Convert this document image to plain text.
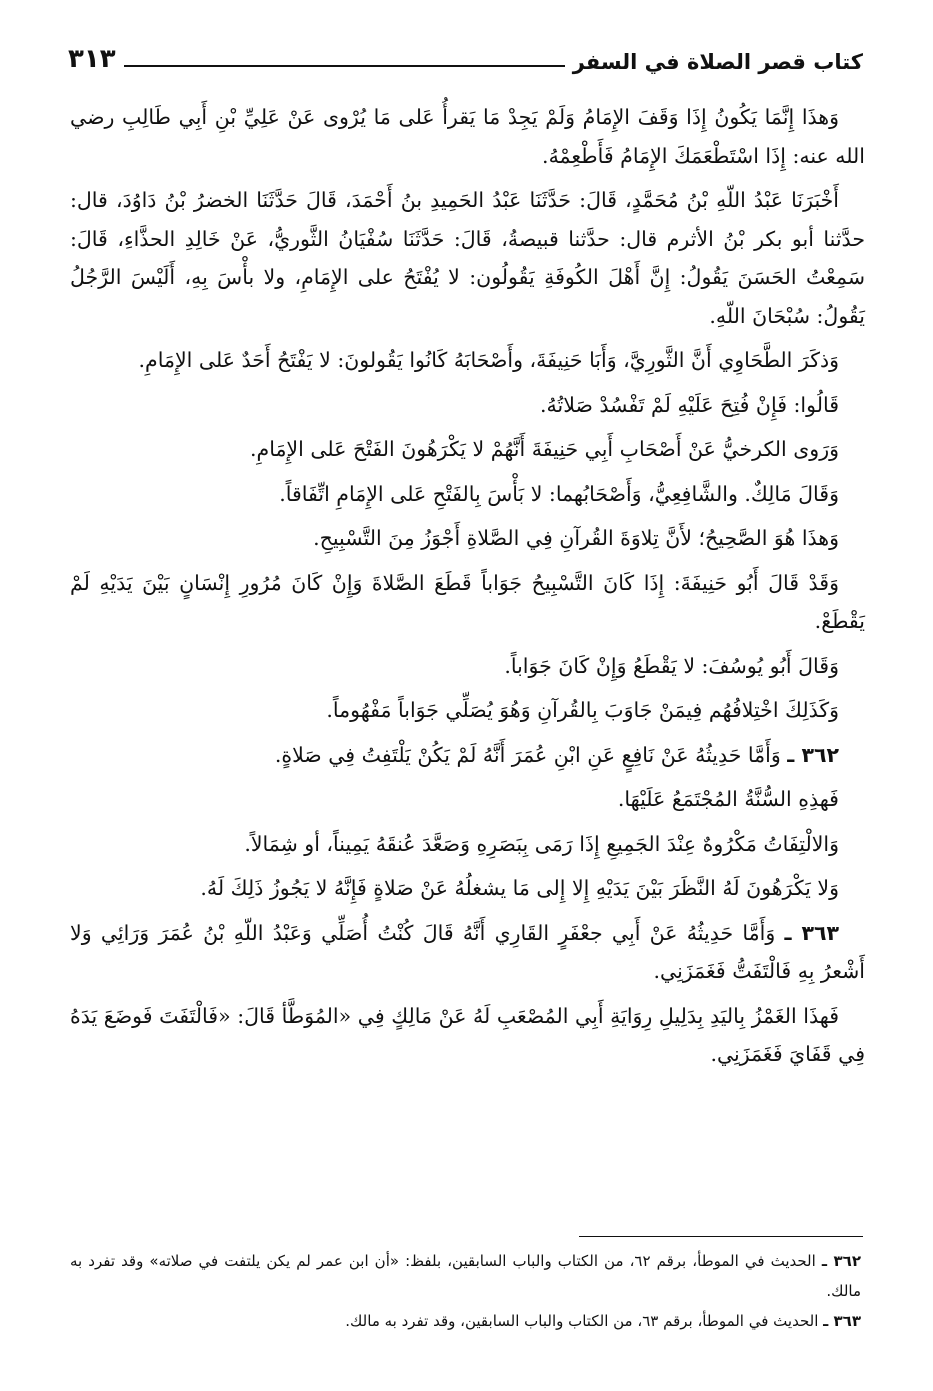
كتاب قصر الصلاة في السفر
٣١٣

وَهذَا إِنَّمَا يَكُونُ إِذَا وَقَفَ الإِمَامُ وَلَمْ يَجِدْ مَا يَقرأُ عَلى مَا يُرْوى عَنْ عَلِيِّ بْنِ أَبِي طَالِبِ رضي الله عنه: إِذَا اسْتَطْعَمَكَ الإِمَامُ فَأَطْعِمْهُ.

أَخْبَرَنَا عَبْدُ اللّهِ بْنُ مُحَمَّدٍ، قَالَ: حَدَّثَنَا عَبْدُ الحَمِيدِ بنُ أَحْمَدَ، قَالَ حَدَّثَنَا الخضرُ بْنُ دَاوُدَ، قال: حدَّثنا أبو بكر بْنُ الأثرم قال: حدَّثنا قبيصةُ، قَالَ: حَدَّثَنَا سُفْيَانُ الثَّوريُّ، عَنْ خَالِدِ الحذَّاءِ، قَالَ: سَمِعْتُ الحَسَنَ يَقُولُ: إِنَّ أَهْلَ الكُوفَةِ يَقُولُون: لا يُفْتَحُ على الإِمَامِ، ولا بأْسَ بِهِ، أَلَيْسَ الرَّجُلُ يَقُولُ: سُبْحَانَ اللّهِ.

وَذكَرَ الطَّحَاوِي أَنَّ الثَّورِيَّ، وَأَبَا حَنِيفَةَ، وأَصْحَابَهُ كَانُوا يَقُولونَ: لا يَفْتَحُ أَحَدٌ عَلى الإِمَامِ.

قَالُوا: فَإِنْ فُتِحَ عَلَيْهِ لَمْ تَفْسُدْ صَلاتُهُ.

وَرَوى الكرخيُّ عَنْ أَصْحَابِ أَبِي حَنِيفَةَ أَنَّهُمْ لا يَكْرَهُونَ الفَتْحَ عَلى الإِمَامِ.

وَقَالَ مَالِكٌ. والشَّافِعِيُّ، وَأَصْحَابُهما: لا بَأْسَ بِالفَتْحِ عَلى الإِمَامِ اتِّفَاقاً.

وَهذَا هُوَ الصَّحِيحُ؛ لأَنَّ تِلاوَةَ القُرآنِ فِي الصَّلاةِ أَجْوَزُ مِنَ التَّسْبِيحِ.

وَقَدْ قَالَ أَبُو حَنِيفَةَ: إِذَا كَانَ التَّسْبِيحُ جَوَاباً قَطَعَ الصَّلاةَ وَإِنْ كَانَ مُرُورِ إِنْسَانٍ بَيْنَ يَدَيْهِ لَمْ يَقْطَعْ.

وَقَالَ أَبُو يُوسُفَ: لا يَقْطَعُ وَإِنْ كَانَ جَوَاباً.

وَكَذَلِكَ اخْتِلافُهُم فِيمَنْ جَاوَبَ بِالقُرآنِ وَهُوَ يُصَلِّي جَوَاباً مَفْهُوماً.

٣٦٢ ـ وَأَمَّا حَدِيثُهُ عَنْ نَافِعٍ عَنِ ابْنِ عُمَرَ أَنَّهُ لَمْ يَكُنْ يَلْتَفِتُ فِي صَلاةٍ.

فَهذِهِ السُّنَّةُ المُجْتَمَعُ عَلَيْهَا.

وَالالْتِفَاتُ مَكْرُوهٌ عِنْدَ الجَمِيعِ إِذَا رَمَى بِبَصَرِهِ وَصَعَّدَ عُنقَهُ يَمِيناً، أو شِمَالاً.

وَلا يَكْرَهُونَ لَهُ النَّظَرَ بَيْنَ يَدَيْهِ إِلا إِلى مَا يشغلُهُ عَنْ صَلاةٍ فَإِنَّهُ لا يَجُوزُ ذَلِكَ لَهُ.

٣٦٣ ـ وَأَمَّا حَدِيثُهُ عَنْ أَبِي جعْفَرٍ القَارِي أَنَّهُ قَالَ كُنْتُ أُصَلِّي وَعَبْدُ اللّهِ بْنُ عُمَرَ وَرَائِي وَلا أَشْعرُ بِهِ فَالْتَفَتُّ فَغَمَزَنِي.

فَهذَا الغَمْزُ بِاليَدِ بِدَلِيلِ رِوَايَةِ أَبِي المُصْعَبِ لَهُ عَنْ مَالِكٍ فِي «المُوَطَّأ قَالَ: «فَالْتَفَتَ فَوضَعَ يَدَهُ فِي قَفَايَ فَغَمَزَنِي.

٣٦٢ ـ الحديث في الموطأ، برقم ٦٢، من الكتاب والباب السابقين، بلفظ: «أن ابن عمر لم يكن يلتفت في صلاته» وقد تفرد به مالك.

٣٦٣ ـ الحديث في الموطأ، برقم ٦٣، من الكتاب والباب السابقين، وقد تفرد به مالك.
